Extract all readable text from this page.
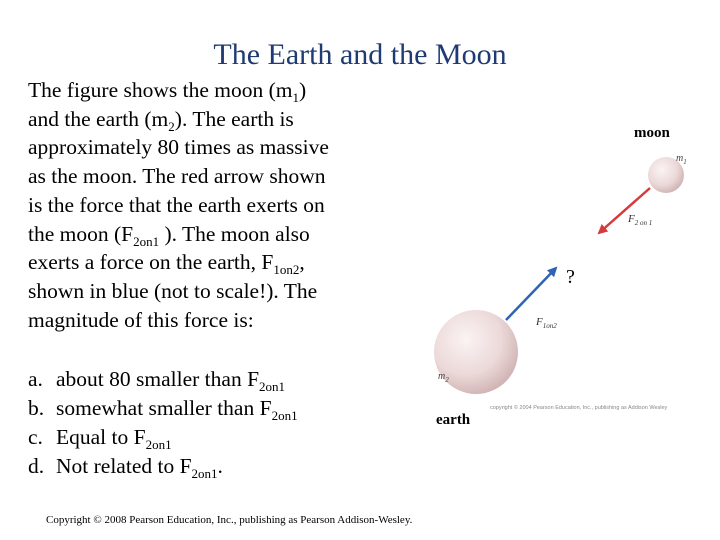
The Earth and the Moon
The figure shows the moon $(m_1)$
and the earth $(m_2)$. The earth is
approximately 80 times as massive
as the moon. The red arrow shown
is the force that the earth exerts on
the moon ($F_{2on1}$ ). The moon also
exerts a force on the earth, $F_{1on2}$,
shown in blue (not to scale!). The
magnitude of this force is:
a. about 80 smaller than $F_{2on1}$
b. somewhat smaller than $F_{2on1}$
c. Equal to $F_{2on1}$
d. Not related to $F_{2on1}$.
$m_1$
$F_{2 on 1}$
$m_2$
$F_{1on2}$
copyright © 2004 Pearson Education, Inc., publishing as Addison Wesley
moon
?
earth
Copyright © 2008 Pearson Education, Inc., publishing as Pearson Addison-Wesley.
